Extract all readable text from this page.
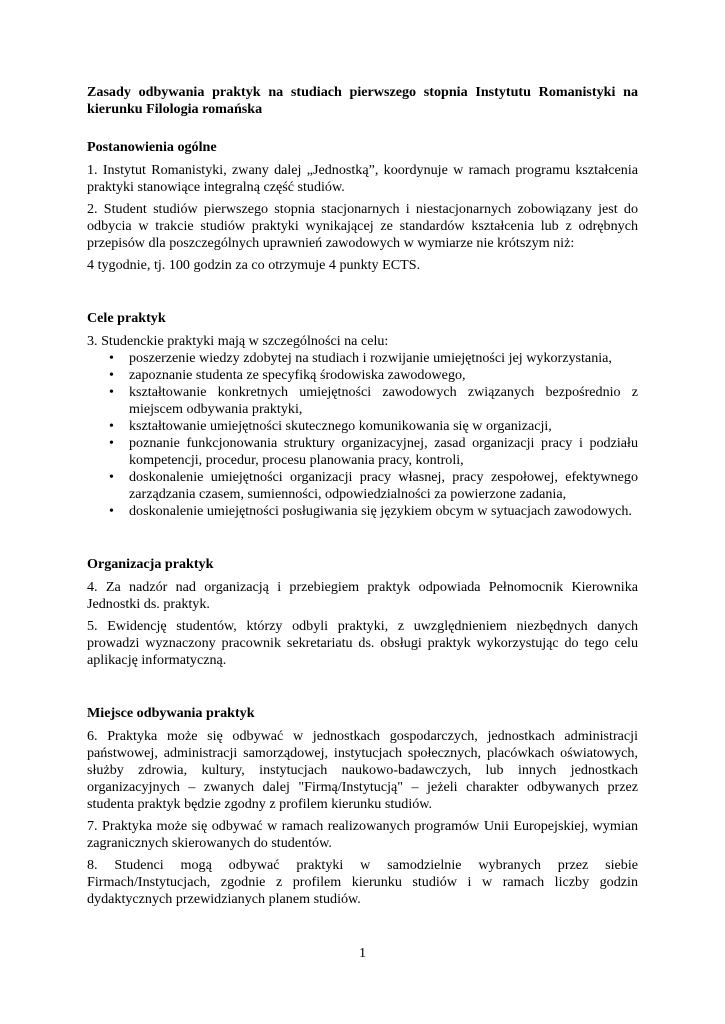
Zasady odbywania praktyk na studiach pierwszego stopnia Instytutu Romanistyki na kierunku Filologia romańska

Postanowienia ogólne

1. Instytut Romanistyki, zwany dalej „Jednostką”, koordynuje w ramach programu kształcenia praktyki stanowiące integralną część studiów.

2. Student studiów pierwszego stopnia stacjonarnych i niestacjonarnych zobowiązany jest do odbycia w trakcie studiów praktyki wynikającej ze standardów kształcenia lub z odrębnych przepisów dla poszczególnych uprawnień zawodowych w wymiarze nie krótszym niż:

4 tygodnie, tj. 100 godzin za co otrzymuje 4 punkty ECTS.

Cele praktyk

3. Studenckie praktyki mają w szczególności na celu:

• poszerzenie wiedzy zdobytej na studiach i rozwijanie umiejętności jej wykorzystania,
• zapoznanie studenta ze specyfiką środowiska zawodowego,
• kształtowanie konkretnych umiejętności zawodowych związanych bezpośrednio z miejscem odbywania praktyki,
• kształtowanie umiejętności skutecznego komunikowania się w organizacji,
• poznanie funkcjonowania struktury organizacyjnej, zasad organizacji pracy i podziału kompetencji, procedur, procesu planowania pracy, kontroli,
• doskonalenie umiejętności organizacji pracy własnej, pracy zespołowej, efektywnego zarządzania czasem, sumienności, odpowiedzialności za powierzone zadania,
• doskonalenie umiejętności posługiwania się językiem obcym w sytuacjach zawodowych.
Organizacja praktyk

4. Za nadzór nad organizacją i przebiegiem praktyk odpowiada Pełnomocnik Kierownika Jednostki ds. praktyk.

5. Ewidencję studentów, którzy odbyli praktyki, z uwzględnieniem niezbędnych danych prowadzi wyznaczony pracownik sekretariatu ds. obsługi praktyk wykorzystując do tego celu aplikację informatyczną.

Miejsce odbywania praktyk

6. Praktyka może się odbywać w jednostkach gospodarczych, jednostkach administracji państwowej, administracji samorządowej, instytucjach społecznych, placówkach oświatowych, służby zdrowia, kultury, instytucjach naukowo-badawczych, lub innych jednostkach organizacyjnych – zwanych dalej "Firmą/Instytucją" – jeżeli charakter odbywanych przez studenta praktyk będzie zgodny z profilem kierunku studiów.

7. Praktyka może się odbywać w ramach realizowanych programów Unii Europejskiej, wymian zagranicznych skierowanych do studentów.

8. Studenci mogą odbywać praktyki w samodzielnie wybranych przez siebie Firmach/Instytucjach, zgodnie z profilem kierunku studiów i w ramach liczby godzin dydaktycznych przewidzianych planem studiów.

1
